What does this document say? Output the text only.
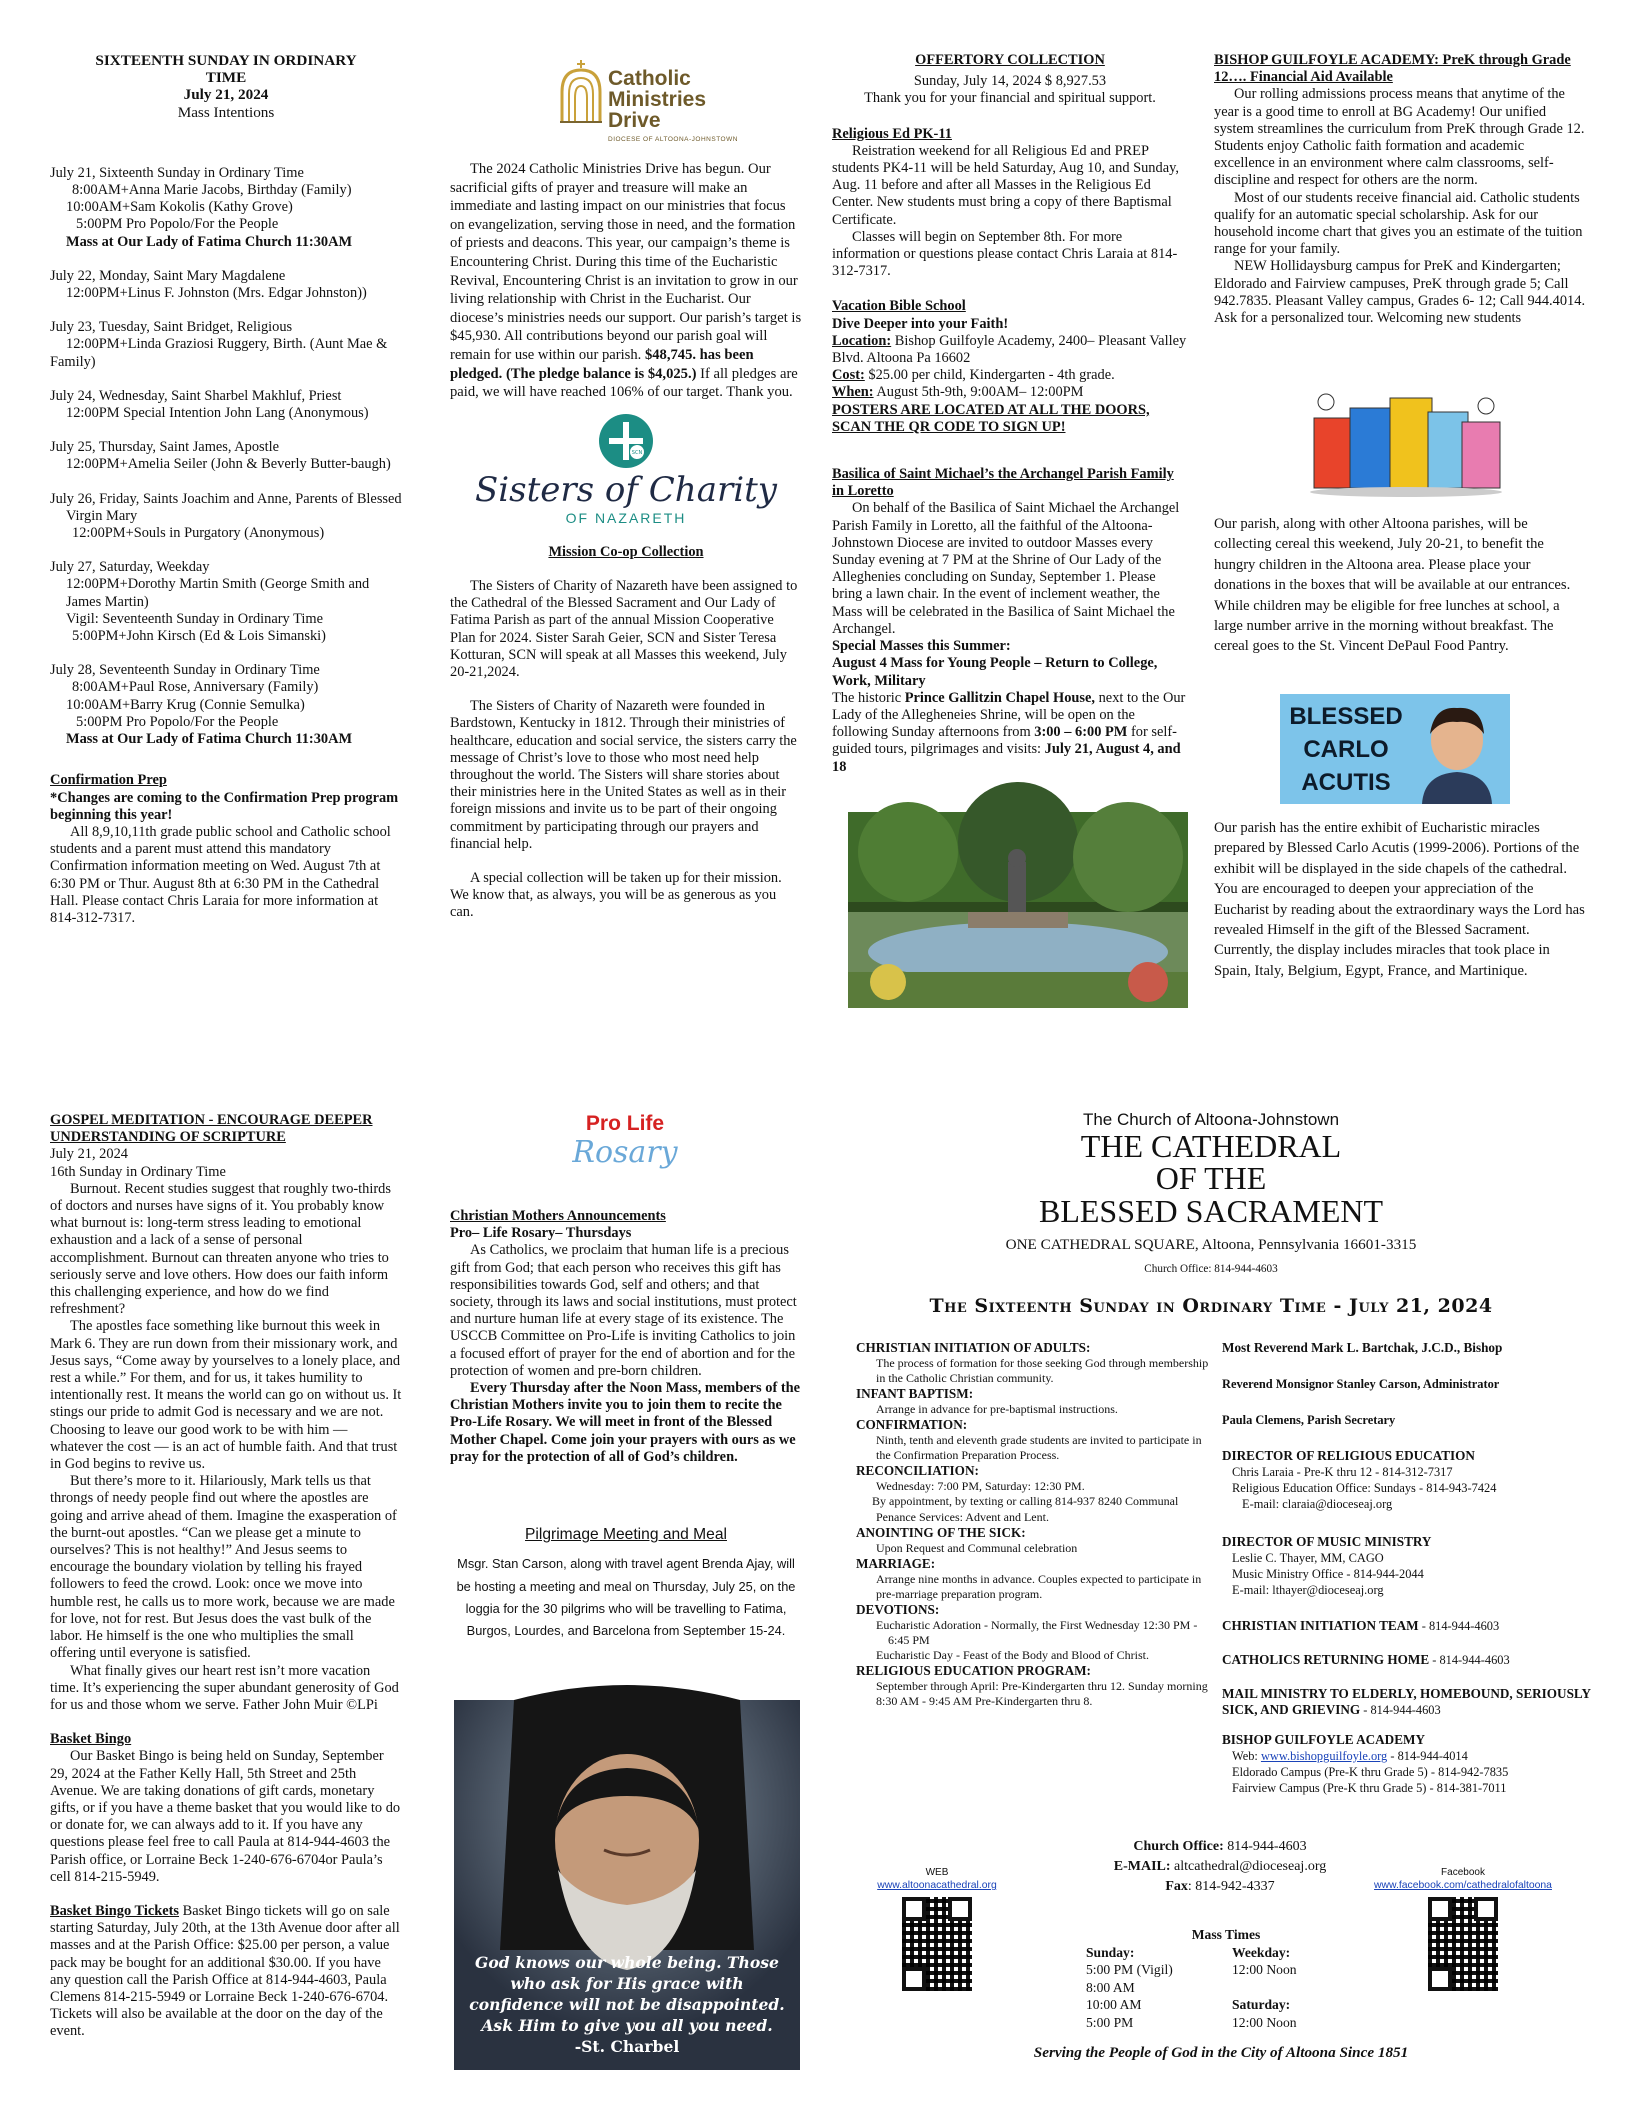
SIXTEENTH SUNDAY IN ORDINARY

TIME

July 21, 2024

Mass Intentions

July 21, Sixteenth Sunday in Ordinary Time

8:00AM+Anna Marie Jacobs, Birthday (Family)

10:00AM+Sam Kokolis (Kathy Grove)

5:00PM Pro Popolo/For the People

Mass at Our Lady of Fatima Church 11:30AM

July 22, Monday, Saint Mary Magdalene

12:00PM+Linus F. Johnston (Mrs. Edgar Johnston))

July 23, Tuesday, Saint Bridget, Religious

12:00PM+Linda Graziosi Ruggery, Birth. (Aunt Mae & Family)

July 24, Wednesday, Saint Sharbel Makhluf, Priest

12:00PM Special Intention John Lang (Anonymous)

July 25, Thursday, Saint James, Apostle

12:00PM+Amelia Seiler (John & Beverly Butter-baugh)

July 26, Friday, Saints Joachim and Anne, Parents of Blessed Virgin Mary

12:00PM+Souls in Purgatory (Anonymous)

July 27, Saturday, Weekday

12:00PM+Dorothy Martin Smith (George Smith and James Martin)

Vigil: Seventeenth Sunday in Ordinary Time

5:00PM+John Kirsch (Ed & Lois Simanski)

July 28, Seventeenth Sunday in Ordinary Time

8:00AM+Paul Rose, Anniversary (Family)

10:00AM+Barry Krug (Connie Semulka)

5:00PM Pro Popolo/For the People

Mass at Our Lady of Fatima Church 11:30AM

Confirmation Prep

*Changes are coming to the Confirmation Prep program beginning this year!

All 8,9,10,11th grade public school and Catholic school students and a parent must attend this mandatory Confirmation information meeting on Wed. August 7th at 6:30 PM or Thur. August 8th at 6:30 PM in the Cathedral Hall. Please contact Chris Laraia for more information at 814-312-7317.

Catholic
Ministries
Drive
DIOCESE OF ALTOONA-JOHNSTOWN

The 2024 Catholic Ministries Drive has begun. Our sacrificial gifts of prayer and treasure will make an immediate and lasting impact on our ministries that focus on evangelization, serving those in need, and the formation of priests and deacons. This year, our campaign’s theme is Encountering Christ. During this time of the Eucharistic Revival, Encountering Christ is an invitation to grow in our living relationship with Christ in the Eucharist. Our diocese’s ministries needs our support. Our parish’s target is $45,930. All contributions beyond our parish goal will remain for use within our parish. $48,745. has been pledged. (The pledge balance is $4,025.) If all pledges are paid, we will have reached 106% of our target. Thank you.

SCN
Sisters of Charity
OF NAZARETH

Mission Co-op Collection

The Sisters of Charity of Nazareth have been assigned to the Cathedral of the Blessed Sacrament and Our Lady of Fatima Parish as part of the annual Mission Cooperative Plan for 2024. Sister Sarah Geier, SCN and Sister Teresa Kotturan, SCN will speak at all Masses this weekend, July 20-21,2024.

The Sisters of Charity of Nazareth were founded in Bardstown, Kentucky in 1812. Through their ministries of healthcare, education and social service, the sisters carry the message of Christ’s love to those who most need help throughout the world. The Sisters will share stories about their ministries here in the United States as well as in their foreign missions and invite us to be part of their ongoing commitment by participating through our prayers and financial help.

A special collection will be taken up for their mission. We know that, as always, you will be as generous as you can.

OFFERTORY COLLECTION

Sunday, July 14, 2024 $ 8,927.53

Thank you for your financial and spiritual support.

Religious Ed PK-11

Reistration weekend for all Religious Ed and PREP students PK4-11 will be held Saturday, Aug 10, and Sunday, Aug. 11 before and after all Masses in the Religious Ed Center. New students must bring a copy of there Baptismal Certificate.

Classes will begin on September 8th. For more information or questions please contact Chris Laraia at 814-312-7317.

Vacation Bible School

Dive Deeper into your Faith!

Location: Bishop Guilfoyle Academy, 2400– Pleasant Valley Blvd. Altoona Pa 16602

Cost: $25.00 per child, Kindergarten - 4th grade.

When: August 5th-9th, 9:00AM– 12:00PM

POSTERS ARE LOCATED AT ALL THE DOORS, SCAN THE QR CODE TO SIGN UP!

Basilica of Saint Michael’s the Archangel Parish Family in Loretto

On behalf of the Basilica of Saint Michael the Archangel Parish Family in Loretto, all the faithful of the Altoona-Johnstown Diocese are invited to outdoor Masses every Sunday evening at 7 PM at the Shrine of Our Lady of the Alleghenies concluding on Sunday, September 1. Please bring a lawn chair. In the event of inclement weather, the Mass will be celebrated in the Basilica of Saint Michael the Archangel.

Special Masses this Summer:

August 4 Mass for Young People – Return to College, Work, Military

The historic Prince Gallitzin Chapel House, next to the Our Lady of the Allegheneies Shrine, will be open on the following Sunday afternoons from 3:00 – 6:00 PM for self-guided tours, pilgrimages and visits: July 21, August 4, and 18

BISHOP GUILFOYLE ACADEMY: PreK through Grade 12…. Financial Aid Available

Our rolling admissions process means that anytime of the year is a good time to enroll at BG Academy! Our unified system streamlines the curriculum from PreK through Grade 12. Students enjoy Catholic faith formation and academic excellence in an environment where calm classrooms, self-discipline and respect for others are the norm.

Most of our students receive financial aid. Catholic students qualify for an automatic special scholarship. Ask for our household income chart that gives you an estimate of the tuition range for your family.

NEW Hollidaysburg campus for PreK and Kindergarten; Eldorado and Fairview campuses, PreK through grade 5; Call 942.7835. Pleasant Valley campus, Grades 6- 12; Call 944.4014. Ask for a personalized tour. Welcoming new students

Our parish, along with other Altoona parishes, will be collecting cereal this weekend, July 20-21, to benefit the hungry children in the Altoona area. Please place your donations in the boxes that will be available at our entrances. While children may be eligible for free lunches at school, a large number arrive in the morning without breakfast. The cereal goes to the St. Vincent DePaul Food Pantry.

BLESSED
CARLO
ACUTIS

Our parish has the entire exhibit of Eucharistic miracles prepared by Blessed Carlo Acutis (1999-2006). Portions of the exhibit will be displayed in the side chapels of the cathedral. You are encouraged to deepen your appreciation of the Eucharist by reading about the extraordinary ways the Lord has revealed Himself in the gift of the Blessed Sacrament.

Currently, the display includes miracles that took place in Spain, Italy, Belgium, Egypt, France, and Martinique.

GOSPEL MEDITATION - ENCOURAGE DEEPER UNDERSTANDING OF SCRIPTURE

July 21, 2024

16th Sunday in Ordinary Time

Burnout. Recent studies suggest that roughly two-thirds of doctors and nurses have signs of it. You probably know what burnout is: long-term stress leading to emotional exhaustion and a lack of a sense of personal accomplishment. Burnout can threaten anyone who tries to seriously serve and love others. How does our faith inform this challenging experience, and how do we find refreshment?

The apostles face something like burnout this week in Mark 6. They are run down from their missionary work, and Jesus says, “Come away by yourselves to a lonely place, and rest a while.” For them, and for us, it takes humility to intentionally rest. It means the world can go on without us. It stings our pride to admit God is necessary and we are not. Choosing to leave our good work to be with him — whatever the cost — is an act of humble faith. And that trust in God begins to revive us.

But there’s more to it. Hilariously, Mark tells us that throngs of needy people find out where the apostles are going and arrive ahead of them. Imagine the exasperation of the burnt-out apostles. “Can we please get a minute to ourselves? This is not healthy!” And Jesus seems to encourage the boundary violation by telling his frayed followers to feed the crowd. Look: once we move into humble rest, he calls us to more work, because we are made for love, not for rest. But Jesus does the vast bulk of the labor. He himself is the one who multiplies the small offering until everyone is satisfied.

What finally gives our heart rest isn’t more vacation time. It’s experiencing the super abundant generosity of God for us and those whom we serve. Father John Muir ©LPi

Basket Bingo

Our Basket Bingo is being held on Sunday, September 29, 2024 at the Father Kelly Hall, 5th Street and 25th Avenue. We are taking donations of gift cards, monetary gifts, or if you have a theme basket that you would like to do or donate for, we can always add to it. If you have any questions please feel free to call Paula at 814-944-4603 the Parish office, or Lorraine Beck 1-240-676-6704or Paula’s cell 814-215-5949.

Basket Bingo Tickets Basket Bingo tickets will go on sale starting Saturday, July 20th, at the 13th Avenue door after all masses and at the Parish Office: $25.00 per person, a value pack may be bought for an additional $30.00. If you have any question call the Parish Office at 814-944-4603, Paula Clemens 814-215-5949 or Lorraine Beck 1-240-676-6704. Tickets will also be available at the door on the day of the event.

Pro Life
Rosary

Christian Mothers Announcements

Pro– Life Rosary– Thursdays

As Catholics, we proclaim that human life is a precious gift from God; that each person who receives this gift has responsibilities towards God, self and others; and that society, through its laws and social institutions, must protect and nurture human life at every stage of its existence. The USCCB Committee on Pro-Life is inviting Catholics to join a focused effort of prayer for the end of abortion and for the protection of women and pre-born children.

Every Thursday after the Noon Mass, members of the Christian Mothers invite you to join them to recite the Pro-Life Rosary. We will meet in front of the Blessed Mother Chapel. Come join your prayers with ours as we pray for the protection of all of God’s children.

Pilgrimage Meeting and Meal

Msgr. Stan Carson, along with travel agent Brenda Ajay, will be hosting a meeting and meal on Thursday, July 25, on the loggia for the 30 pilgrims who will be travelling to Fatima, Burgos, Lourdes, and Barcelona from September 15-24.

God knows our whole being. Those
who ask for His grace with
confidence will not be disappointed.
Ask Him to give you all you need.
-St. Charbel
The Church of Altoona-Johnstown
THE CATHEDRAL
OF THE
BLESSED SACRAMENT
ONE CATHEDRAL SQUARE, Altoona, Pennsylvania 16601-3315
Church Office: 814-944-4603
The Sixteenth Sunday in Ordinary Time - July 21, 2024

CHRISTIAN INITIATION OF ADULTS:

The process of formation for those seeking God through membership in the Catholic Christian community.

INFANT BAPTISM:

Arrange in advance for pre-baptismal instructions.

CONFIRMATION:

Ninth, tenth and eleventh grade students are invited to participate in the Confirmation Preparation Process.

RECONCILIATION:

Wednesday: 7:00 PM, Saturday: 12:30 PM.

By appointment, by texting or calling 814-937 8240 Communal Penance Services: Advent and Lent.

ANOINTING OF THE SICK:

Upon Request and Communal celebration

MARRIAGE:

Arrange nine months in advance. Couples expected to participate in pre-marriage preparation program.

DEVOTIONS:

Eucharistic Adoration - Normally, the First Wednesday 12:30 PM - 6:45 PM

Eucharistic Day - Feast of the Body and Blood of Christ.

RELIGIOUS EDUCATION PROGRAM:

September through April: Pre-Kindergarten thru 12. Sunday morning 8:30 AM - 9:45 AM Pre-Kindergarten thru 8.

Most Reverend Mark L. Bartchak, J.C.D., Bishop

Reverend Monsignor Stanley Carson, Administrator

Paula Clemens, Parish Secretary

DIRECTOR OF RELIGIOUS EDUCATION

Chris Laraia - Pre-K thru 12 - 814-312-7317

Religious Education Office: Sundays - 814-943-7424

E-mail: claraia@dioceseaj.org

DIRECTOR OF MUSIC MINISTRY

Leslie C. Thayer, MM, CAGO

Music Ministry Office - 814-944-2044

E-mail: lthayer@dioceseaj.org

CHRISTIAN INITIATION TEAM - 814-944-4603

CATHOLICS RETURNING HOME - 814-944-4603

MAIL MINISTRY TO ELDERLY, HOMEBOUND, SERIOUSLY SICK, AND GRIEVING - 814-944-4603

BISHOP GUILFOYLE ACADEMY

Web: www.bishopguilfoyle.org - 814-944-4014

Eldorado Campus (Pre-K thru Grade 5) - 814-942-7835

Fairview Campus (Pre-K thru Grade 5) - 814-381-7011

Church Office: 814-944-4603

E-MAIL: altcathedral@dioceseaj.org

Fax: 814-942-4337

WEB
www.altoonacathedral.org
Facebook
www.facebook.com/cathedralofaltoona

Mass Times

Sunday:

5:00 PM (Vigil)

8:00 AM

10:00 AM

5:00 PM

Weekday:

12:00 Noon

Saturday:

12:00 Noon

Serving the People of God in the City of Altoona Since 1851
